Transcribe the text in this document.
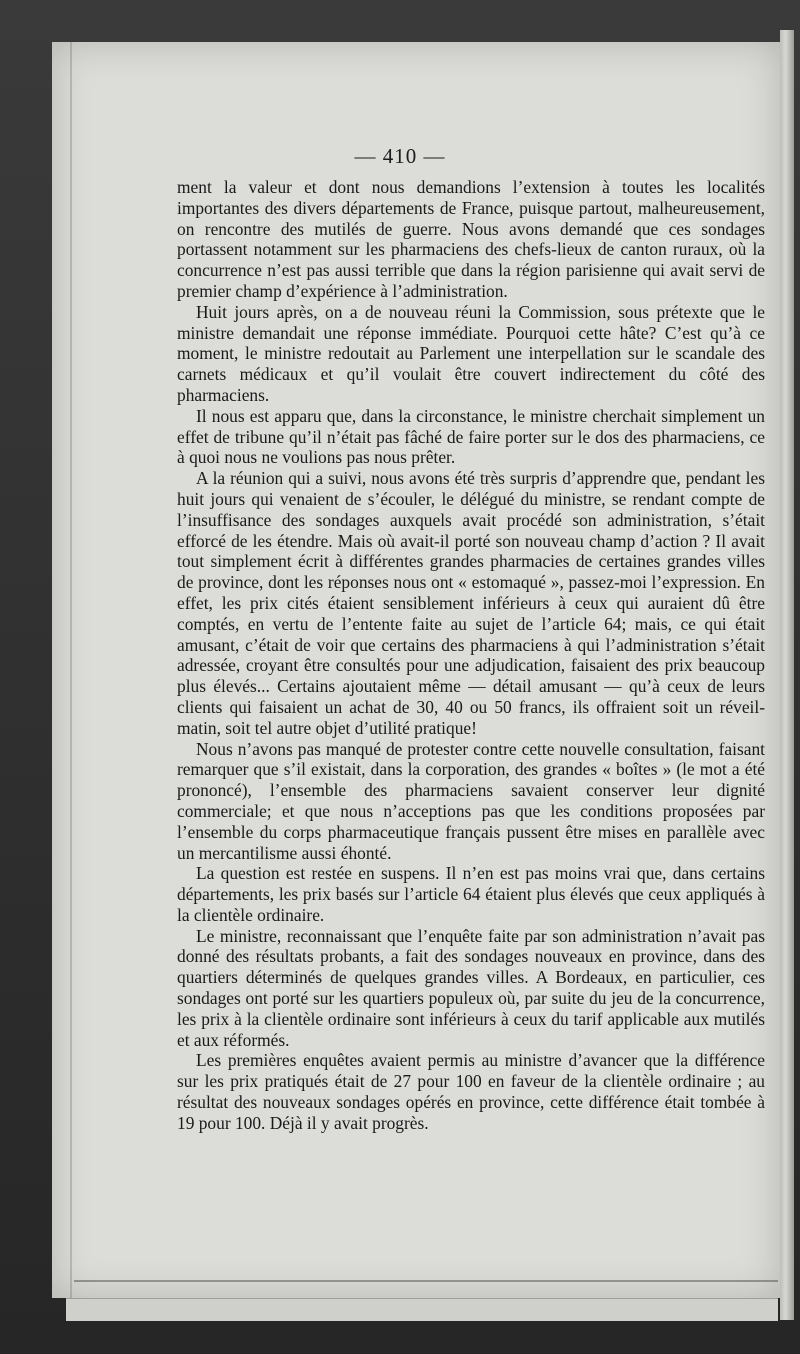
— 410 —

ment la valeur et dont nous demandions l’extension à toutes les localités importantes des divers départements de France, puisque partout, malheureusement, on rencontre des mutilés de guerre. Nous avons demandé que ces sondages portassent notamment sur les pharmaciens des chefs-lieux de canton ruraux, où la concurrence n’est pas aussi terrible que dans la région parisienne qui avait servi de premier champ d’expérience à l’administration.

Huit jours après, on a de nouveau réuni la Commission, sous prétexte que le ministre demandait une réponse immédiate. Pourquoi cette hâte? C’est qu’à ce moment, le ministre redoutait au Parlement une interpellation sur le scandale des carnets médicaux et qu’il voulait être couvert indirectement du côté des pharmaciens.

Il nous est apparu que, dans la circonstance, le ministre cherchait simplement un effet de tribune qu’il n’était pas fâché de faire porter sur le dos des pharmaciens, ce à quoi nous ne voulions pas nous prêter.

A la réunion qui a suivi, nous avons été très surpris d’apprendre que, pendant les huit jours qui venaient de s’écouler, le délégué du ministre, se rendant compte de l’insuffisance des sondages auxquels avait procédé son administration, s’était efforcé de les étendre. Mais où avait-il porté son nouveau champ d’action ? Il avait tout simplement écrit à différentes grandes pharmacies de certaines grandes villes de province, dont les réponses nous ont « estomaqué », passez-moi l’expression. En effet, les prix cités étaient sensiblement inférieurs à ceux qui auraient dû être comptés, en vertu de l’entente faite au sujet de l’article 64; mais, ce qui était amusant, c’était de voir que certains des pharmaciens à qui l’administration s’était adressée, croyant être consultés pour une adjudication, faisaient des prix beaucoup plus élevés... Certains ajoutaient même — détail amusant — qu’à ceux de leurs clients qui faisaient un achat de 30, 40 ou 50 francs, ils offraient soit un réveil-matin, soit tel autre objet d’utilité pratique!

Nous n’avons pas manqué de protester contre cette nouvelle consultation, faisant remarquer que s’il existait, dans la corporation, des grandes « boîtes » (le mot a été prononcé), l’ensemble des pharmaciens savaient conserver leur dignité commerciale; et que nous n’acceptions pas que les conditions proposées par l’ensemble du corps pharmaceutique français pussent être mises en parallèle avec un mercantilisme aussi éhonté.

La question est restée en suspens. Il n’en est pas moins vrai que, dans certains départements, les prix basés sur l’article 64 étaient plus élevés que ceux appliqués à la clientèle ordinaire.

Le ministre, reconnaissant que l’enquête faite par son administration n’avait pas donné des résultats probants, a fait des sondages nouveaux en province, dans des quartiers déterminés de quelques grandes villes. A Bordeaux, en particulier, ces sondages ont porté sur les quartiers populeux où, par suite du jeu de la concurrence, les prix à la clientèle ordinaire sont inférieurs à ceux du tarif applicable aux mutilés et aux réformés.

Les premières enquêtes avaient permis au ministre d’avancer que la différence sur les prix pratiqués était de 27 pour 100 en faveur de la clientèle ordinaire ; au résultat des nouveaux sondages opérés en province, cette différence était tombée à 19 pour 100. Déjà il y avait progrès.
